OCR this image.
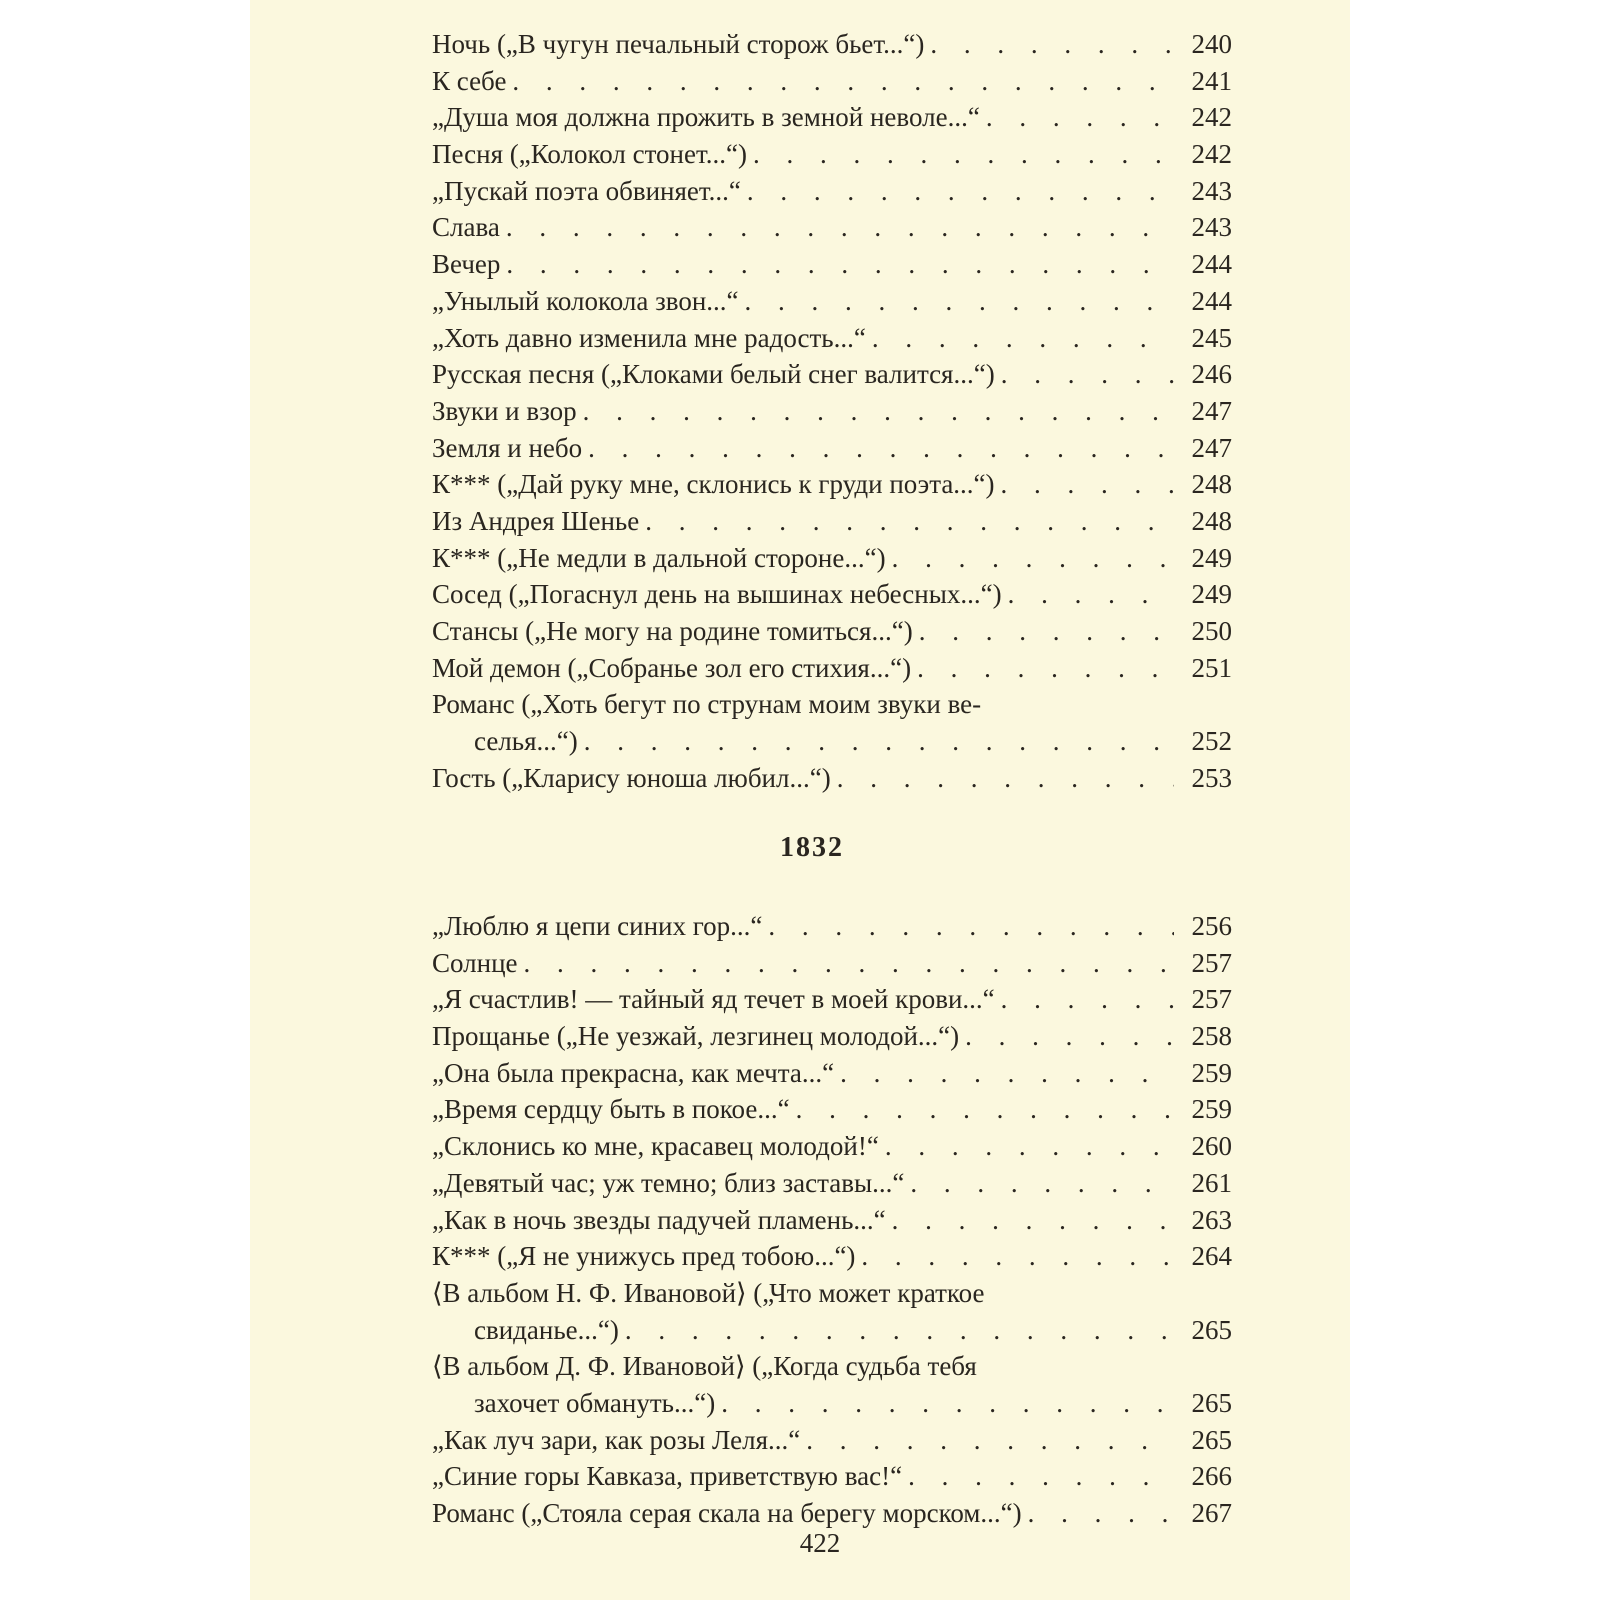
Ночь („В чугун печальный сторож бьет...“) . . .	240
К себе . . .	241
„Душа моя должна прожить в земной неволе...“ . . .	242
Песня („Колокол стонет...“) . . .	242
„Пускай поэта обвиняет...“ . . .	243
Слава . . .	243
Вечер . . .	244
„Унылый колокола звон...“ . . .	244
„Хоть давно изменила мне радость...“ . . .	245
Русская песня („Клоками белый снег валится...“) . . .	246
Звуки и взор . . .	247
Земля и небо . . .	247
К*** („Дай руку мне, склонись к груди поэта...“) . . .	248
Из Андрея Шенье . . .	248
К*** („Не медли в дальной стороне...“) . . .	249
Сосед („Погаснул день на вышинах небесных...“) . . .	249
Стансы („Не могу на родине томиться...“) . . .	250
Мой демон („Собранье зол его стихия...“) . . .	251
Романс („Хоть бегут по струнам моим звуки ве-
селья...“) . . .	252
Гость („Кларису юноша любил...“) . . .	253
1832
„Люблю я цепи синих гор...“ . . .	256
Солнце . . .	257
„Я счастлив! — тайный яд течет в моей крови...“ . . .	257
Прощанье („Не уезжай, лезгинец молодой...“) . . .	258
„Она была прекрасна, как мечта...“ . . .	259
„Время сердцу быть в покое...“ . . .	259
„Склонись ко мне, красавец молодой!“ . . .	260
„Девятый час; уж темно; близ заставы...“ . . .	261
„Как в ночь звезды падучей пламень...“ . . .	263
К*** („Я не унижусь пред тобою...“) . . .	264
⟨В альбом Н. Ф. Ивановой⟩ („Что может краткое
свиданье...“) . . .	265
⟨В альбом Д. Ф. Ивановой⟩ („Когда судьба тебя
захочет обмануть...“) . . .	265
„Как луч зари, как розы Леля...“ . . .	265
„Синие горы Кавказа, приветствую вас!“ . . .	266
Романс („Стояла серая скала на берегу морском...“) . . .	267
422
